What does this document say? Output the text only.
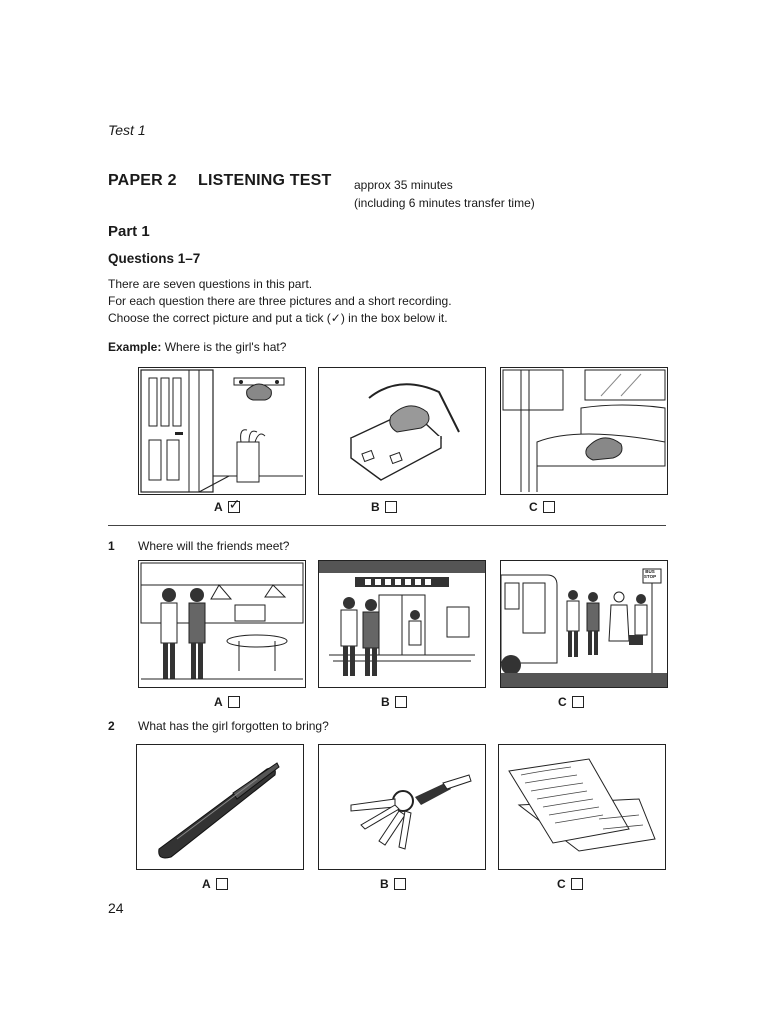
Test 1
PAPER 2 LISTENING TEST approx 35 minutes
(including 6 minutes transfer time)
Part 1
Questions 1–7
There are seven questions in this part.
For each question there are three pictures and a short recording.
Choose the correct picture and put a tick (✓) in the box below it.
Example: Where is the girl's hat?
A ✓	B	C
1 Where will the friends meet?
BUS STOP
A	B	C
2 What has the girl forgotten to bring?
A	B	C
24
